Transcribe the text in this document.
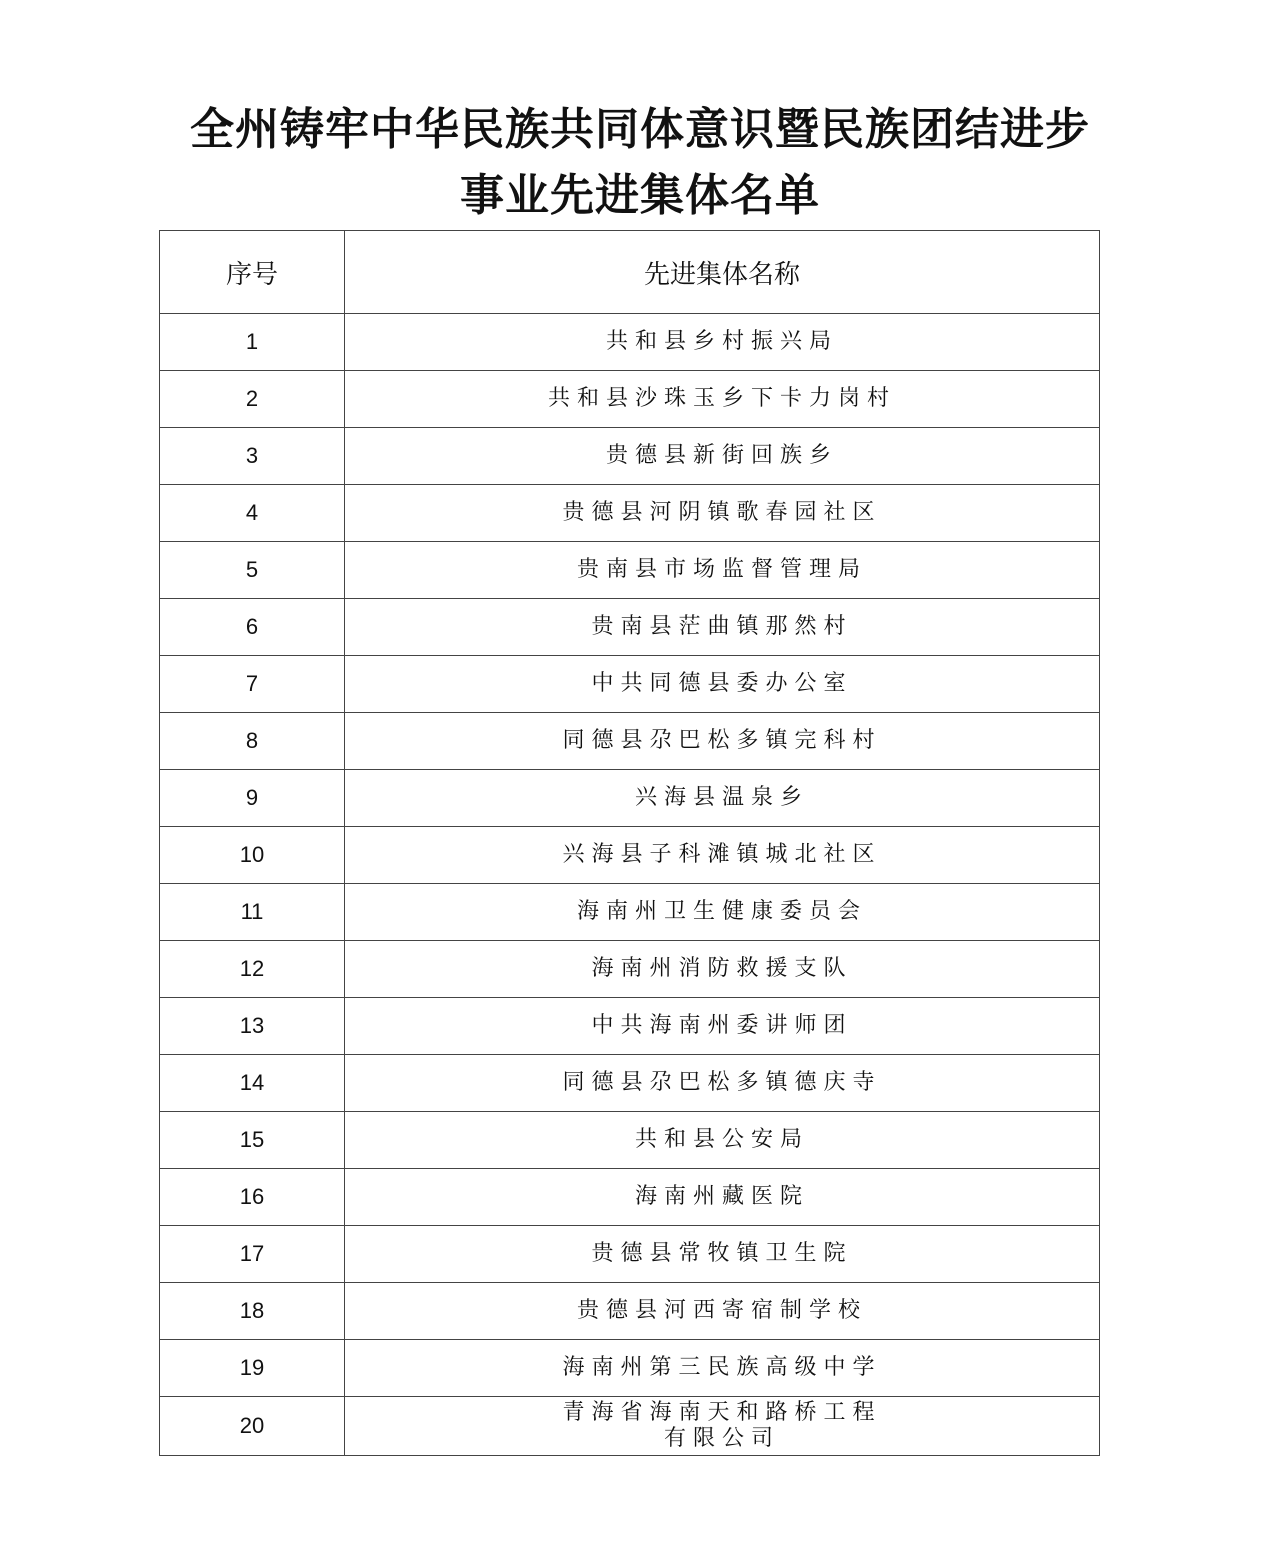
全州铸牢中华民族共同体意识暨民族团结进步
事业先进集体名单
序号	先进集体名称
1	共和县乡村振兴局
2	共和县沙珠玉乡下卡力岗村
3	贵德县新街回族乡
4	贵德县河阴镇歌春园社区
5	贵南县市场监督管理局
6	贵南县茫曲镇那然村
7	中共同德县委办公室
8	同德县尕巴松多镇完科村
9	兴海县温泉乡
10	兴海县子科滩镇城北社区
11	海南州卫生健康委员会
12	海南州消防救援支队
13	中共海南州委讲师团
14	同德县尕巴松多镇德庆寺
15	共和县公安局
16	海南州藏医院
17	贵德县常牧镇卫生院
18	贵德县河西寄宿制学校
19	海南州第三民族高级中学
20	青海省海南天和路桥工程
有限公司
